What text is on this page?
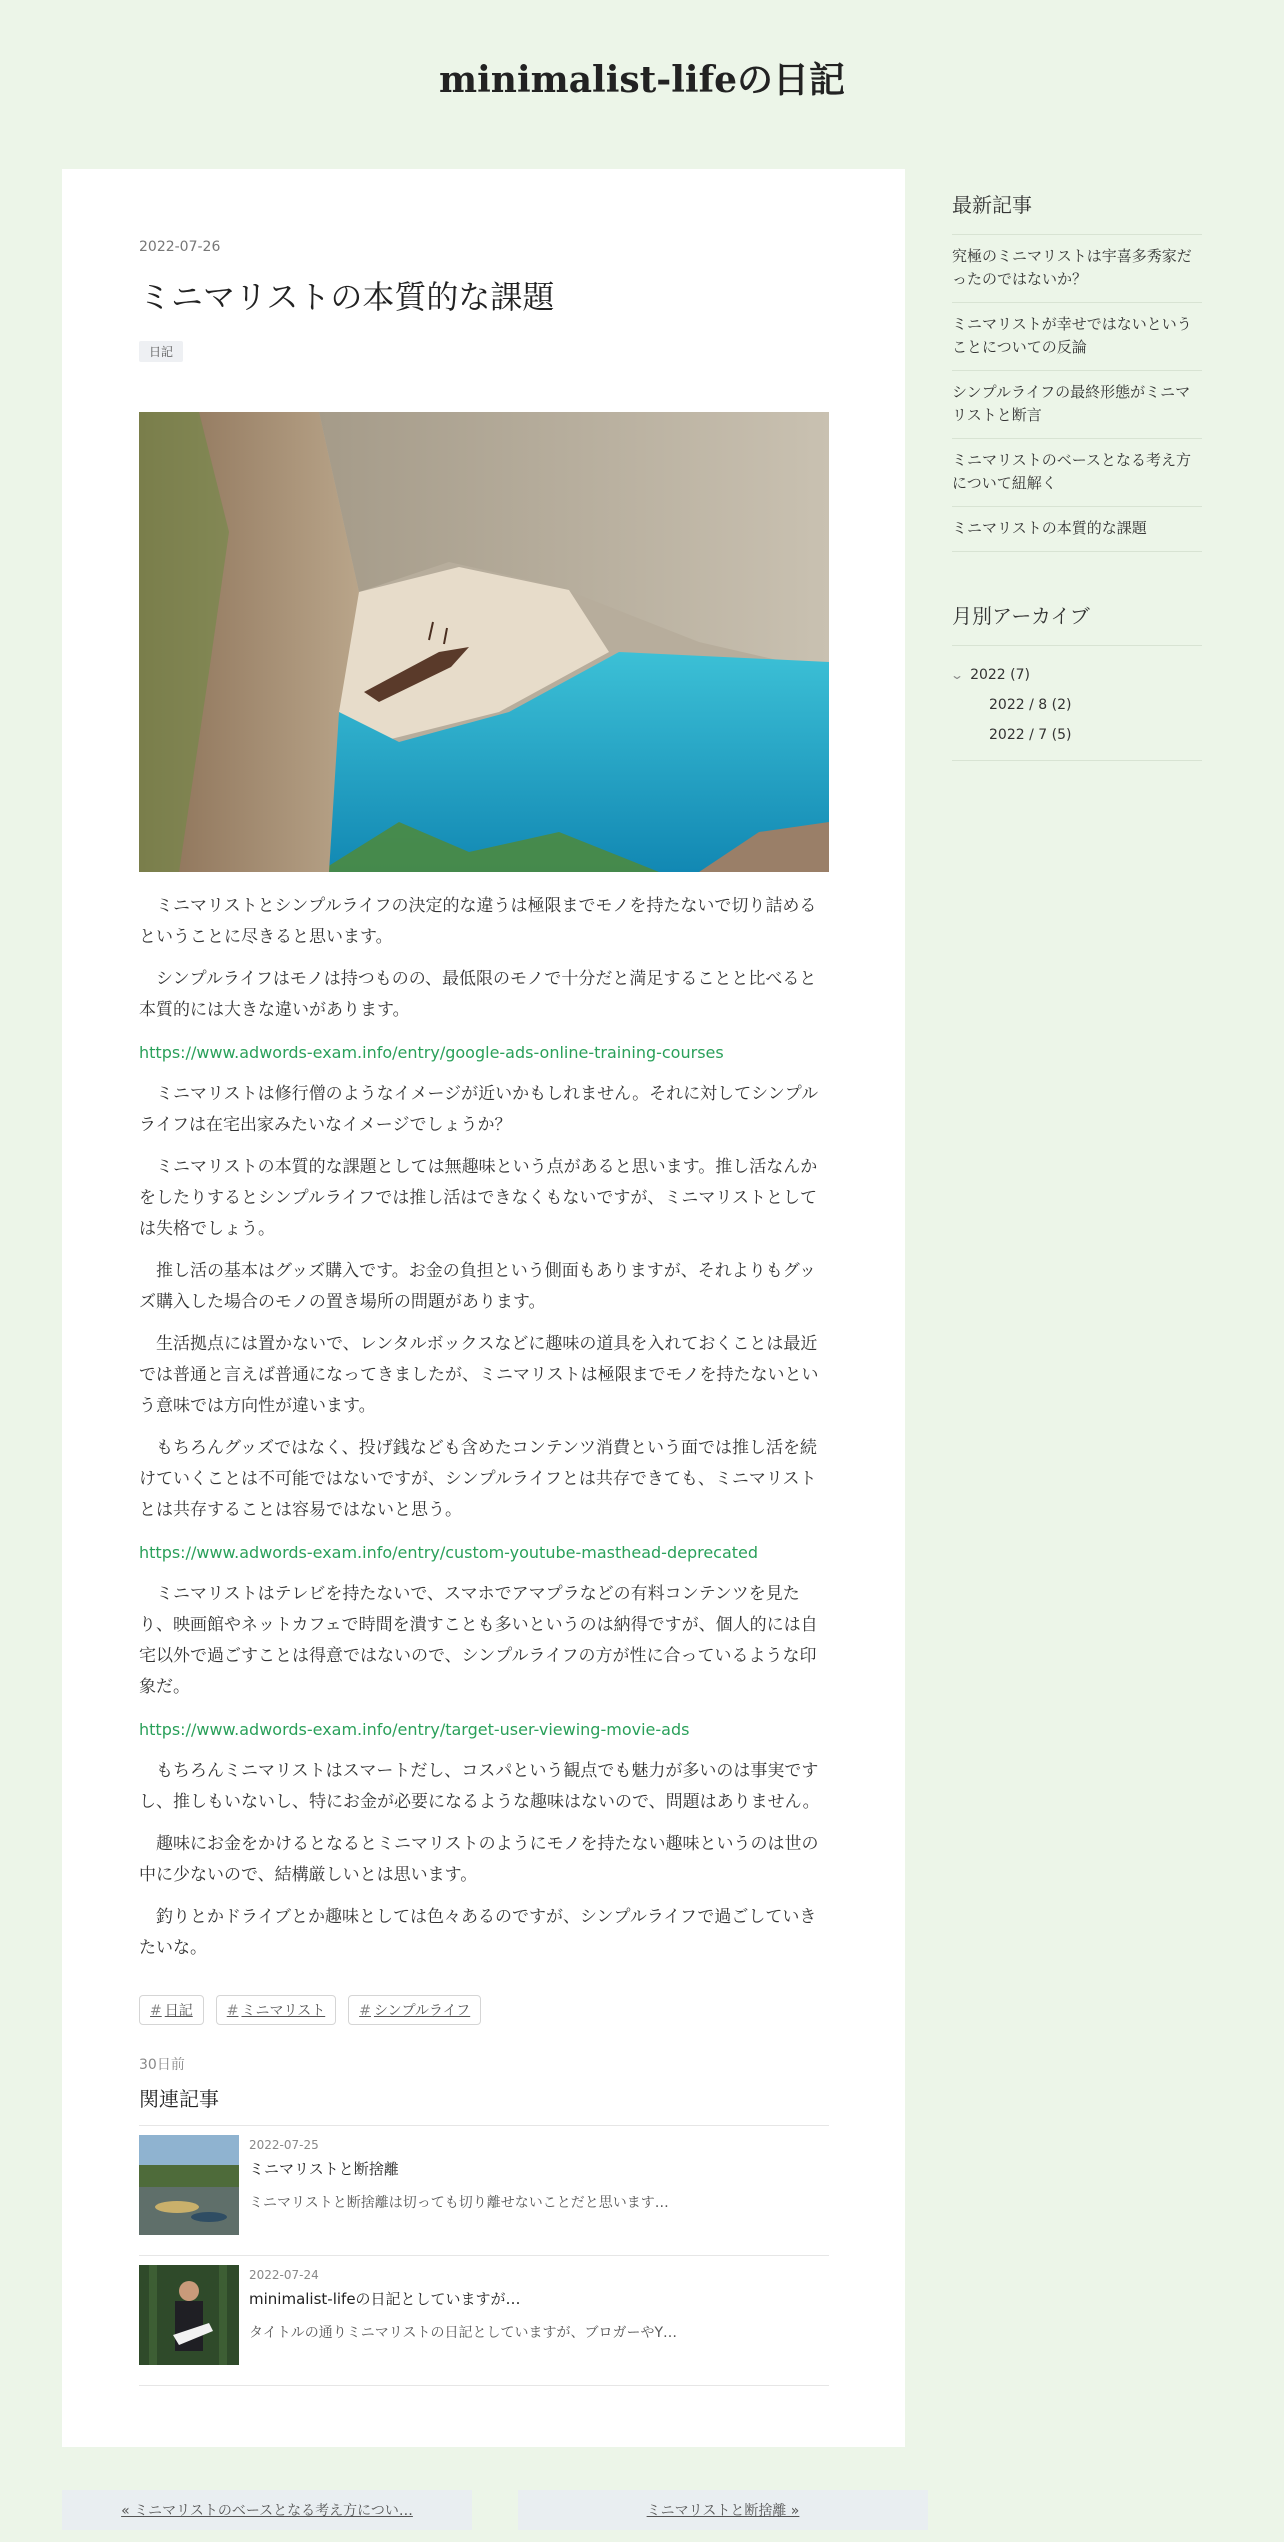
minimalist-lifeの日記
2022-07-26
ミニマリストの本質的な課題
日記

ミニマリストとシンプルライフの決定的な違うは極限までモノを持たないで切り詰めるということに尽きると思います。

シンプルライフはモノは持つものの、最低限のモノで十分だと満足することと比べると本質的には大きな違いがあります。

https://www.adwords-exam.info/entry/google-ads-online-training-courses

ミニマリストは修行僧のようなイメージが近いかもしれません。それに対してシンプルライフは在宅出家みたいなイメージでしょうか？

ミニマリストの本質的な課題としては無趣味という点があると思います。推し活なんかをしたりするとシンプルライフでは推し活はできなくもないですが、ミニマリストとしては失格でしょう。

推し活の基本はグッズ購入です。お金の負担という側面もありますが、それよりもグッズ購入した場合のモノの置き場所の問題があります。

生活拠点には置かないで、レンタルボックスなどに趣味の道具を入れておくことは最近では普通と言えば普通になってきましたが、ミニマリストは極限までモノを持たないという意味では方向性が違います。

もちろんグッズではなく、投げ銭なども含めたコンテンツ消費という面では推し活を続けていくことは不可能ではないですが、シンプルライフとは共存できても、ミニマリストとは共存することは容易ではないと思う。

https://www.adwords-exam.info/entry/custom-youtube-masthead-deprecated

ミニマリストはテレビを持たないで、スマホでアマプラなどの有料コンテンツを見たり、映画館やネットカフェで時間を潰すことも多いというのは納得ですが、個人的には自宅以外で過ごすことは得意ではないので、シンプルライフの方が性に合っているような印象だ。

https://www.adwords-exam.info/entry/target-user-viewing-movie-ads

もちろんミニマリストはスマートだし、コスパという観点でも魅力が多いのは事実ですし、推しもいないし、特にお金が必要になるような趣味はないので、問題はありません。

趣味にお金をかけるとなるとミニマリストのようにモノを持たない趣味というのは世の中に少ないので、結構厳しいとは思います。

釣りとかドライブとか趣味としては色々あるのですが、シンプルライフで過ごしていきたいな。

# 日記	# ミニマリスト	# シンプルライフ
30日前
関連記事
2022-07-25
ミニマリストと断捨離
ミニマリストと断捨離は切っても切り離せないことだと思います…
2022-07-24
minimalist-lifeの日記としていますが…
タイトルの通りミニマリストの日記としていますが、ブロガーやY…
最新記事
究極のミニマリストは宇喜多秀家だったのではないか？
ミニマリストが幸せではないということについての反論
シンプルライフの最終形態がミニマリストと断言
ミニマリストのベースとなる考え方について紐解く
ミニマリストの本質的な課題
月別アーカイブ
⌄ 2022 (7)
2022 / 8 (2)
2022 / 7 (5)
« ミニマリストのベースとなる考え方につい…	ミニマリストと断捨離 »
